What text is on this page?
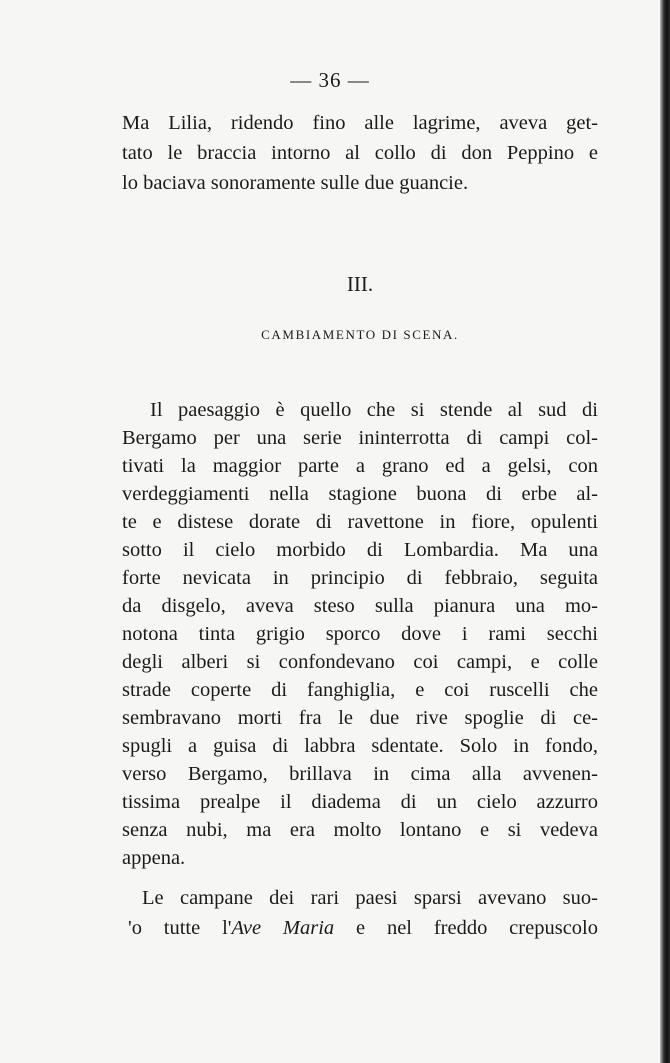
— 36 —
Ma Lilia, ridendo fino alle lagrime, aveva get-
tato le braccia intorno al collo di don Peppino e
lo baciava sonoramente sulle due guancie.
III.
CAMBIAMENTO DI SCENA.
Il paesaggio è quello che si stende al sud di
Bergamo per una serie ininterrotta di campi col-
tivati la maggior parte a grano ed a gelsi, con
verdeggiamenti nella stagione buona di erbe al-
te e distese dorate di ravettone in fiore, opulenti
sotto il cielo morbido di Lombardia. Ma una
forte nevicata in principio di febbraio, seguita
da disgelo, aveva steso sulla pianura una mo-
notona tinta grigio sporco dove i rami secchi
degli alberi si confondevano coi campi, e colle
strade coperte di fanghiglia, e coi ruscelli che
sembravano morti fra le due rive spoglie di ce-
spugli a guisa di labbra sdentate. Solo in fondo,
verso Bergamo, brillava in cima alla avvenen-
tissima prealpe il diadema di un cielo azzurro
senza nubi, ma era molto lontano e si vedeva
appena.
Le campane dei rari paesi sparsi avevano suo-
'o tutte l'Ave Maria e nel freddo crepuscolo
